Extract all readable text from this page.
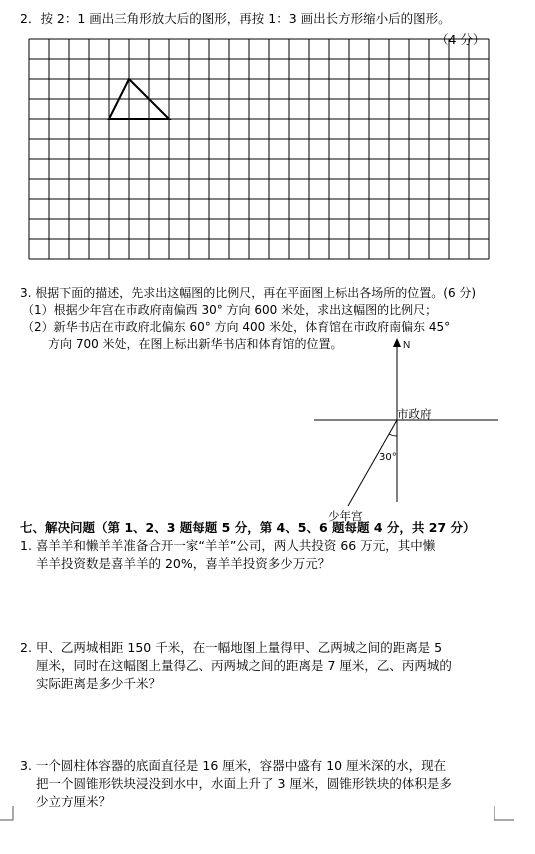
2．按 2：1 画出三角形放大后的图形，再按 1：3 画出长方形缩小后的图形。
（4 分）
3. 根据下面的描述，先求出这幅图的比例尺，再在平面图上标出各场所的位置。(6 分)
（1）根据少年宫在市政府南偏西 30° 方向 600 米处，求出这幅图的比例尺；
（2）新华书店在市政府北偏东 60° 方向 400 米处，体育馆在市政府南偏东 45°
方向 700 米处，在图上标出新华书店和体育馆的位置。	N
市政府
30°
少年宫
七、解决问题（第 1、2、3 题每题 5 分，第 4、5、6 题每题 4 分，共 27 分）
1. 喜羊羊和懒羊羊准备合开一家“羊羊”公司，两人共投资 66 万元，其中懒
羊羊投资数是喜羊羊的 20%，喜羊羊投资多少万元？
2. 甲、乙两城相距 150 千米，在一幅地图上量得甲、乙两城之间的距离是 5
厘米，同时在这幅图上量得乙、丙两城之间的距离是 7 厘米，乙、丙两城的
实际距离是多少千米？
3. 一个圆柱体容器的底面直径是 16 厘米，容器中盛有 10 厘米深的水，现在
把一个圆锥形铁块浸没到水中，水面上升了 3 厘米，圆锥形铁块的体积是多
少立方厘米？
